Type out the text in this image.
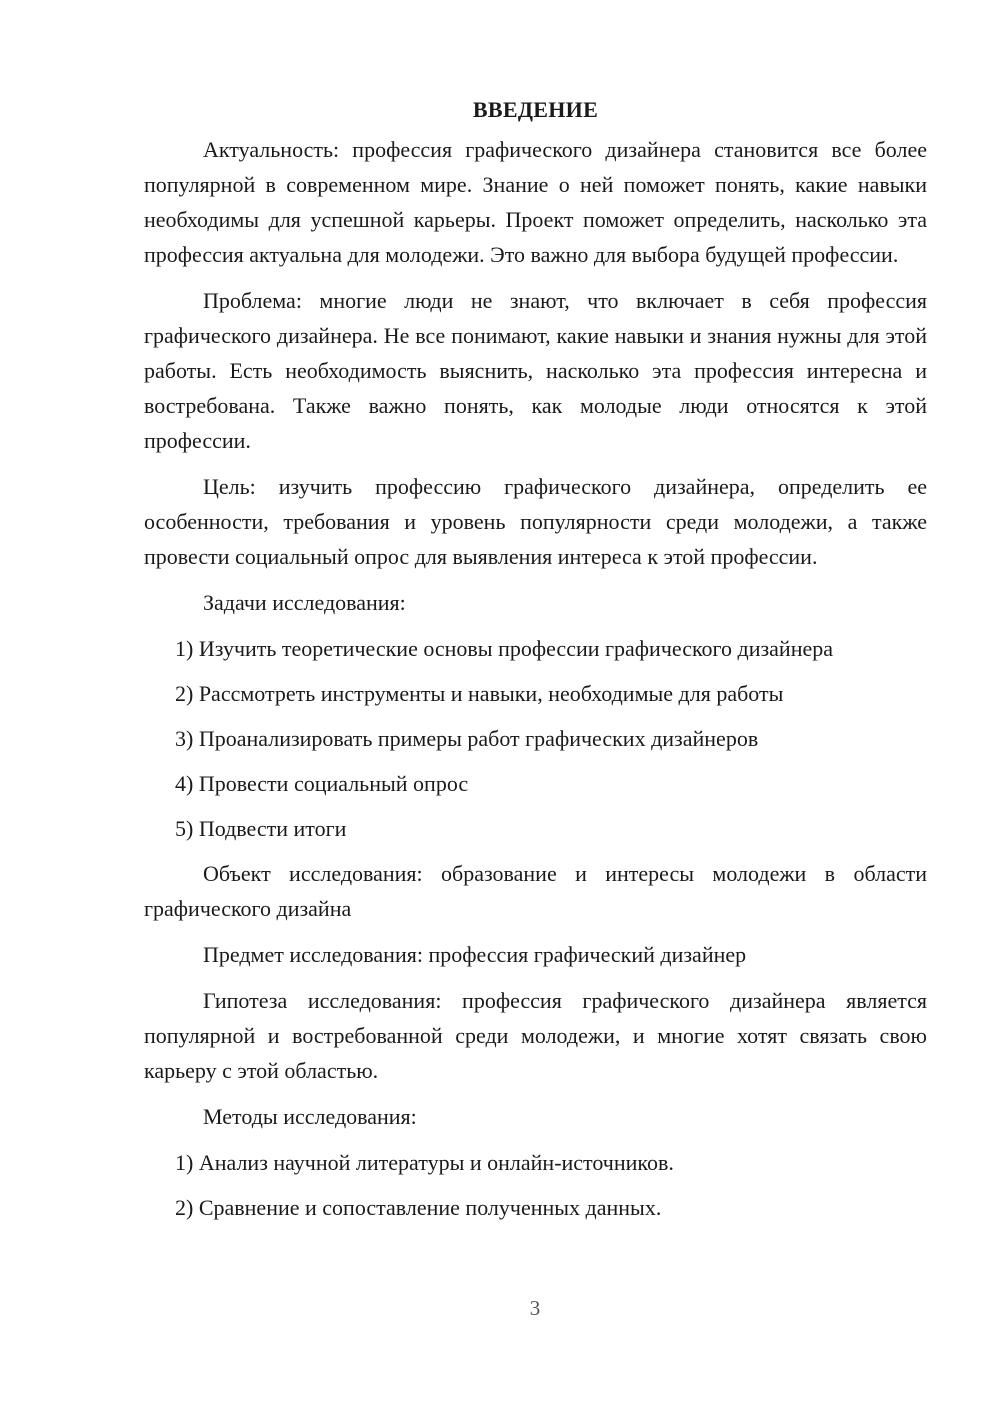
ВВЕДЕНИЕ

Актуальность: профессия графического дизайнера становится все более популярной в современном мире. Знание о ней поможет понять, какие навыки необходимы для успешной карьеры. Проект поможет определить, насколько эта профессия актуальна для молодежи. Это важно для выбора будущей профессии.

Проблема: многие люди не знают, что включает в себя профессия графического дизайнера. Не все понимают, какие навыки и знания нужны для этой работы. Есть необходимость выяснить, насколько эта профессия интересна и востребована. Также важно понять, как молодые люди относятся к этой профессии.

Цель: изучить профессию графического дизайнера, определить ее особенности, требования и уровень популярности среди молодежи, а также провести социальный опрос для выявления интереса к этой профессии.

Задачи исследования:

1) Изучить теоретические основы профессии графического дизайнера
2) Рассмотреть инструменты и навыки, необходимые для работы
3) Проанализировать примеры работ графических дизайнеров
4) Провести социальный опрос
5) Подвести итоги

Объект исследования: образование и интересы молодежи в области графического дизайна

Предмет исследования: профессия графический дизайнер

Гипотеза исследования: профессия графического дизайнера является популярной и востребованной среди молодежи, и многие хотят связать свою карьеру с этой областью.

Методы исследования:

1) Анализ научной литературы и онлайн-источников.
2) Сравнение и сопоставление полученных данных.
3
